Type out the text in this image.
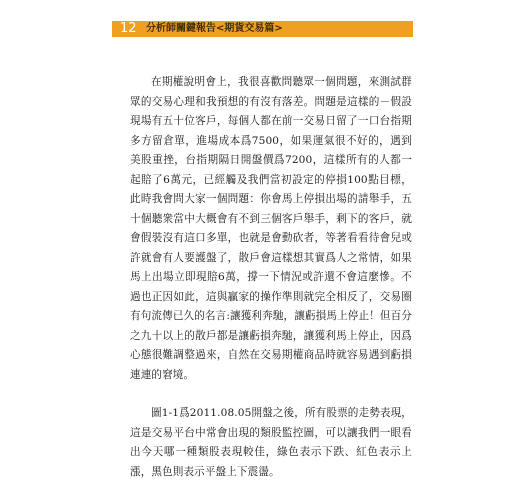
12 分析師關鍵報告<期貨交易篇>

在期權說明會上，我很喜歡問聽眾一個問題，來測試群眾的交易心理和我預想的有沒有落差。問題是這樣的－假設現場有五十位客戶，每個人都在前一交易日留了一口台指期多方留倉單，進場成本爲7500，如果運氣很不好的，遇到美股重挫，台指期隔日開盤價爲7200，這樣所有的人都一起賠了6萬元，已經觸及我們當初設定的停損100點目標，此時我會問大家一個問題：你會馬上停損出場的請舉手，五十個聽衆當中大概會有不到三個客戶舉手，剩下的客戶，就會假裝沒有這口多單，也就是會動砍者，等著看看待會兒或許就會有人要護盤了，散戶會這樣想其實爲人之常情，如果馬上出場立即現賠6萬，撐一下情況或許還不會這麼慘。不過也正因如此，這與贏家的操作準則就完全相反了，交易圈有句流傳已久的名言:讓獲利奔馳，讓虧損馬上停止！但百分之九十以上的散戶都是讓虧損奔馳，讓獲利馬上停止，因爲心態很難調整過來，自然在交易期權商品時就容易遇到虧損連連的窘境。

圖1-1爲2011.08.05開盤之後，所有股票的走勢表現，這是交易平台中常會出現的類股監控圖，可以讓我們一眼看出今天哪一種類股表現較佳，綠色表示下跌、紅色表示上漲，黑色則表示平盤上下震盪。
